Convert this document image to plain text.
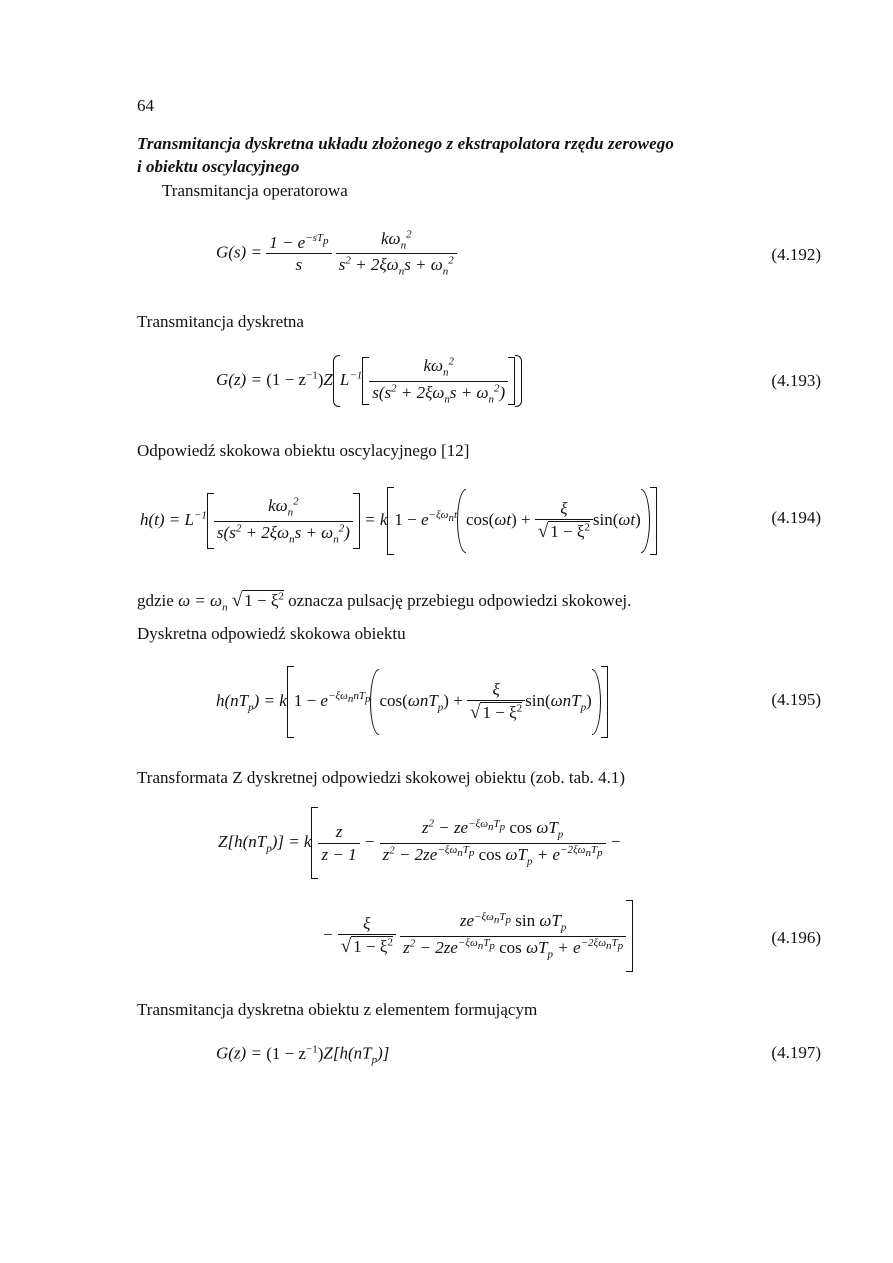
64
Transmitancja dyskretna układu złożonego z ekstrapolatora rzędu zerowego
i obiektu oscylacyjnego
Transmitancja operatorowa
$G(s) = \frac{1 - e^{-sT_p}}{s}$
$\frac{k\omega_n^2}{s^2 + 2\xi\omega_ns + \omega_n^2}$	(4.192)
Transmitancja dyskretna
$G(z) = (1 - z^{-1})Z$ $L^{-1} \frac{k\omega_n^2}{s(s^2 + 2\xi\omega_ns + \omega_n^2)}$	(4.193)
Odpowiedź skokowa obiektu oscylacyjnego [12]
$h(t) = L^{-1} \frac{k\omega_n^2}{s(s^2 + 2\xi\omega_ns + \omega_n^2)} = k$ $1 - e^{-\xi\omega_nt}$ $\cos(\omega t) + \frac{\xi}{√ 1 - \xi^2} \sin(\omega t)$	(4.194)
gdzie $\omega = \omega_n$ √ $1 - \xi^2$ oznacza pulsację przebiegu odpowiedzi skokowej.
Dyskretna odpowiedź skokowa obiektu
$h(nT_p) = k$ $1 - e^{-\xi\omega_nnT_p}$ $\cos(\omega nT_p) + \frac{\xi}{√ 1 - \xi^2} \sin(\omega nT_p)$	(4.195)
Transformata Z dyskretnej odpowiedzi skokowej obiektu (zob. tab. 4.1)
$Z[h(nT_p)] = k \frac{z}{z - 1} - \frac{z^2 - ze^{-\xi\omega_nT_p} \cos \omega T_p}{z^2 - 2ze^{-\xi\omega_nT_p} \cos \omega T_p + e^{-2\xi\omega_nT_p}}$ −
− $\frac{\xi}{√ 1 - \xi^2}$
$\frac{ze^{-\xi\omega_nT_p} \sin \omega T_p}{z^2 - 2ze^{-\xi\omega_nT_p} \cos \omega T_p + e^{-2\xi\omega_nT_p}}$	(4.196)
Transmitancja dyskretna obiektu z elementem formującym
$G(z) = (1 - z^{-1})Z[h(nT_p)]$	(4.197)
